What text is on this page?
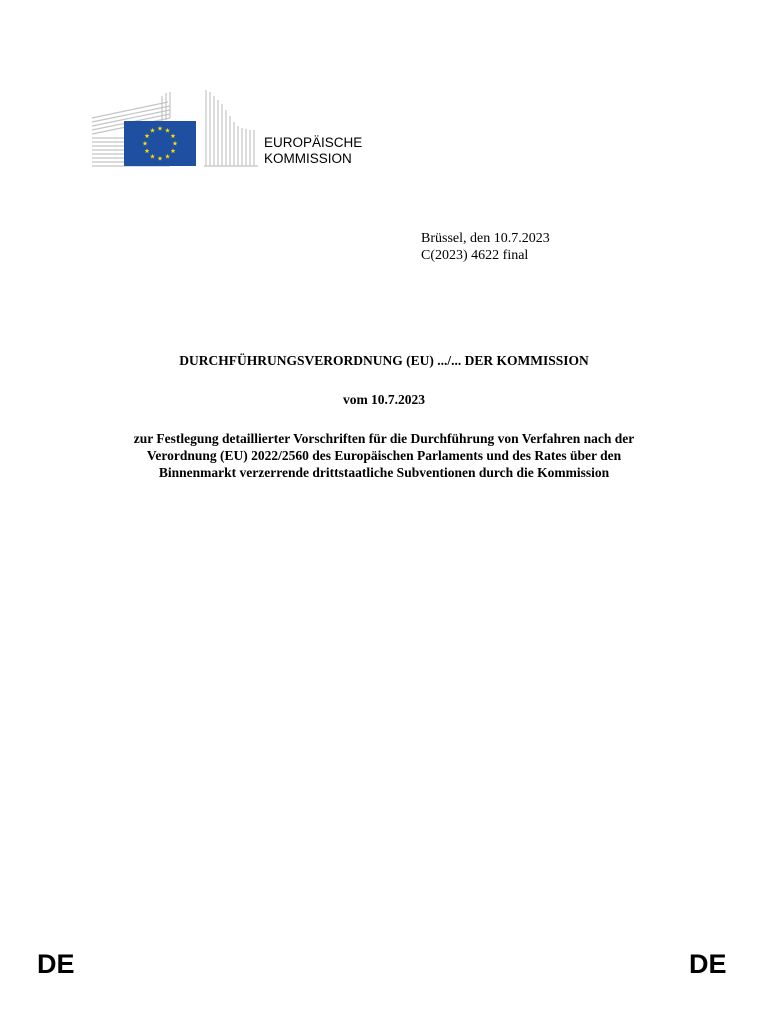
EUROPÄISCHE
KOMMISSION
Brüssel, den 10.7.2023
C(2023) 4622 final
DURCHFÜHRUNGSVERORDNUNG (EU) .../... DER KOMMISSION
vom 10.7.2023
zur Festlegung detaillierter Vorschriften für die Durchführung von Verfahren nach der
Verordnung (EU) 2022/2560 des Europäischen Parlaments und des Rates über den
Binnenmarkt verzerrende drittstaatliche Subventionen durch die Kommission
DE	DE
